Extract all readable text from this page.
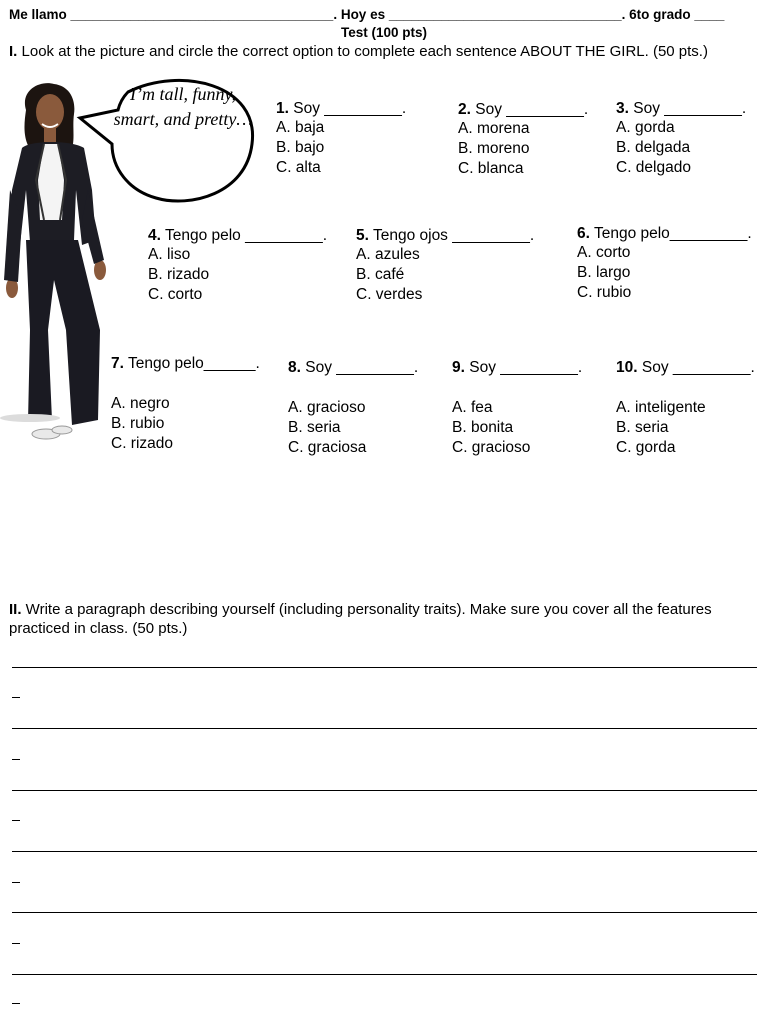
Me llamo ___________________________________. Hoy es _______________________________. 6to grado ____
Test (100 pts)
I. Look at the picture and circle the correct option to complete each sentence ABOUT THE GIRL. (50 pts.)
I’m tall, funny, smart, and pretty…
1. Soy _________.
A. baja
B. bajo
C. alta
2. Soy _________.
A. morena
B. moreno
C. blanca
3. Soy _________.
A. gorda
B. delgada
C. delgado
4. Tengo pelo _________.
A. liso
B. rizado
C. corto
5. Tengo ojos _________.
A. azules
B. café
C. verdes
6. Tengo pelo_________.
A. corto
B. largo
C. rubio
7. Tengo pelo______.
A. negro
B. rubio
C. rizado
8. Soy _________.
A. gracioso
B. seria
C. graciosa
9. Soy _________.
A. fea
B. bonita
C. gracioso
10. Soy _________.
A. inteligente
B. seria
C. gorda
II. Write a paragraph describing yourself (including personality traits). Make sure you cover all the features
practiced in class. (50 pts.)
